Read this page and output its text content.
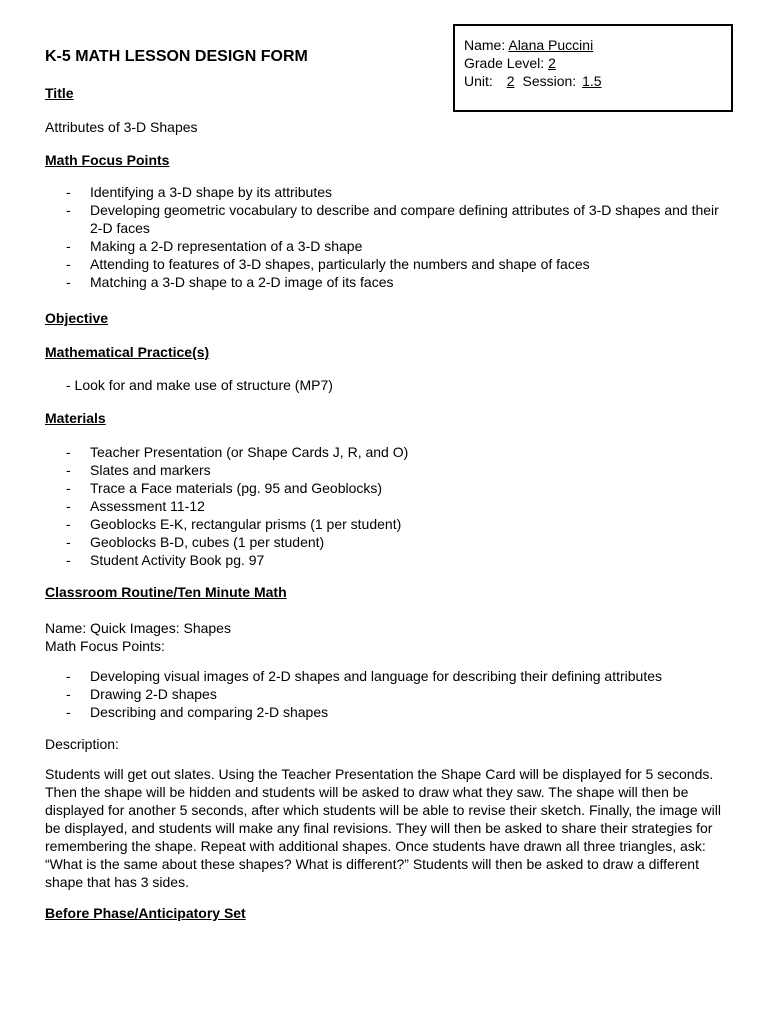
K-5 MATH LESSON DESIGN FORM
Name: Alana Puccini
Grade Level: 2
Unit: 2 Session: 1.5
Title
Attributes of 3-D Shapes
Math Focus Points
- Identifying a 3-D shape by its attributes
- Developing geometric vocabulary to describe and compare defining attributes of 3-D shapes and their 2-D faces
- Making a 2-D representation of a 3-D shape
- Attending to features of 3-D shapes, particularly the numbers and shape of faces
- Matching a 3-D shape to a 2-D image of its faces
Objective
Mathematical Practice(s)
- Look for and make use of structure (MP7)
Materials
- Teacher Presentation (or Shape Cards J, R, and O)
- Slates and markers
- Trace a Face materials (pg. 95 and Geoblocks)
- Assessment 11-12
- Geoblocks E-K, rectangular prisms (1 per student)
- Geoblocks B-D, cubes (1 per student)
- Student Activity Book pg. 97
Classroom Routine/Ten Minute Math
Name: Quick Images: Shapes
Math Focus Points:
- Developing visual images of 2-D shapes and language for describing their defining attributes
- Drawing 2-D shapes
- Describing and comparing 2-D shapes
Description:
Students will get out slates. Using the Teacher Presentation the Shape Card will be displayed for 5 seconds. Then the shape will be hidden and students will be asked to draw what they saw. The shape will then be displayed for another 5 seconds, after which students will be able to revise their sketch. Finally, the image will be displayed, and students will make any final revisions. They will then be asked to share their strategies for remembering the shape. Repeat with additional shapes. Once students have drawn all three triangles, ask: “What is the same about these shapes? What is different?” Students will then be asked to draw a different shape that has 3 sides.
Before Phase/Anticipatory Set
